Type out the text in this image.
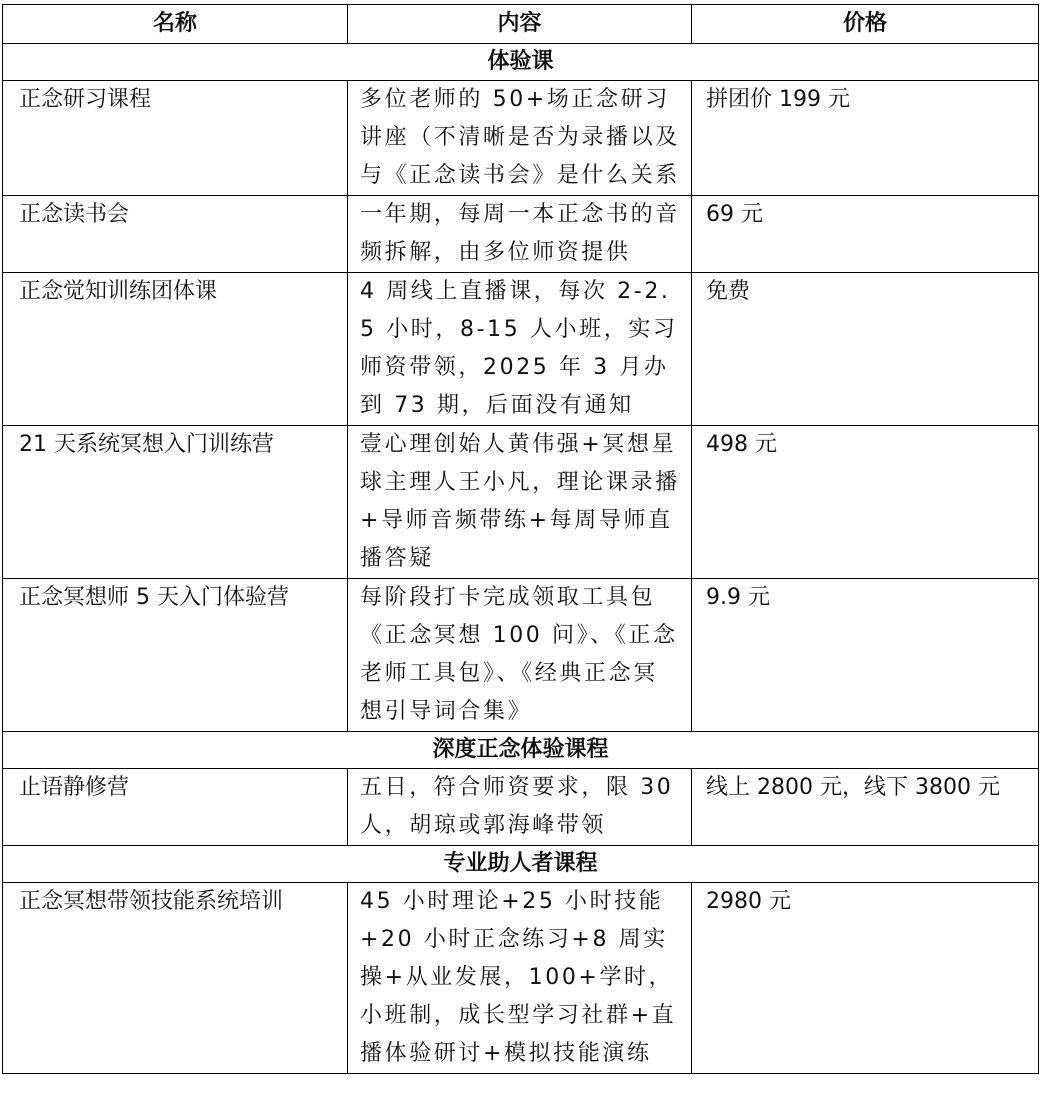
名称	内容	价格
体验课		
正念研习课程	多位老师的 50+场正念研习讲座（不清晰是否为录播以及与《正念读书会》是什么关系	拼团价 199 元
正念读书会	一年期，每周一本正念书的音频拆解，由多位师资提供	69 元
正念觉知训练团体课	4 周线上直播课，每次 2-2.5 小时，8-15 人小班，实习师资带领，2025 年 3 月办到 73 期，后面没有通知	免费
21 天系统冥想入门训练营	壹心理创始人黄伟强+冥想星球主理人王小凡，理论课录播+导师音频带练+每周导师直播答疑	498 元
正念冥想师 5 天入门体验营	每阶段打卡完成领取工具包《正念冥想 100 问》、《正念老师工具包》、《经典正念冥想引导词合集》	9.9 元
深度正念体验课程		
止语静修营	五日，符合师资要求，限 30 人，胡琼或郭海峰带领	线上 2800 元，线下 3800 元
专业助人者课程		
正念冥想带领技能系统培训	45 小时理论+25 小时技能+20 小时正念练习+8 周实操+从业发展，100+学时，小班制，成长型学习社群+直播体验研讨+模拟技能演练	2980 元
